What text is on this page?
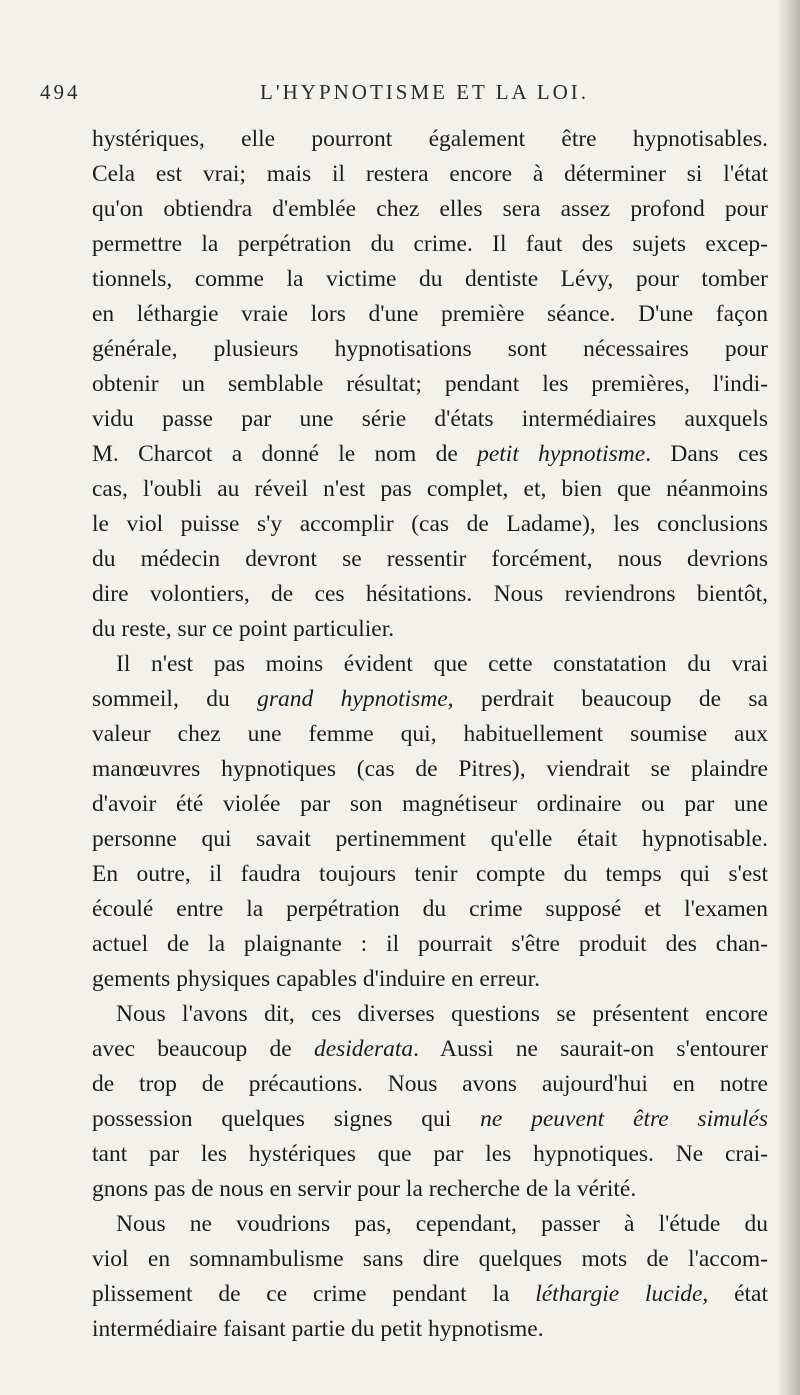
494	L'HYPNOTISME ET LA LOI.

hystériques, elle pourront également être hypnotisables.

Cela est vrai; mais il restera encore à déterminer si l'état

qu'on obtiendra d'emblée chez elles sera assez profond pour

permettre la perpétration du crime. Il faut des sujets excep-

tionnels, comme la victime du dentiste Lévy, pour tomber

en léthargie vraie lors d'une première séance. D'une façon

générale, plusieurs hypnotisations sont nécessaires pour

obtenir un semblable résultat; pendant les premières, l'indi-

vidu passe par une série d'états intermédiaires auxquels

M. Charcot a donné le nom de petit hypnotisme. Dans ces

cas, l'oubli au réveil n'est pas complet, et, bien que néanmoins

le viol puisse s'y accomplir (cas de Ladame), les conclusions

du médecin devront se ressentir forcément, nous devrions

dire volontiers, de ces hésitations. Nous reviendrons bientôt,

du reste, sur ce point particulier.

Il n'est pas moins évident que cette constatation du vrai

sommeil, du grand hypnotisme, perdrait beaucoup de sa

valeur chez une femme qui, habituellement soumise aux

manœuvres hypnotiques (cas de Pitres), viendrait se plaindre

d'avoir été violée par son magnétiseur ordinaire ou par une

personne qui savait pertinemment qu'elle était hypnotisable.

En outre, il faudra toujours tenir compte du temps qui s'est

écoulé entre la perpétration du crime supposé et l'examen

actuel de la plaignante : il pourrait s'être produit des chan-

gements physiques capables d'induire en erreur.

Nous l'avons dit, ces diverses questions se présentent encore

avec beaucoup de desiderata. Aussi ne saurait-on s'entourer

de trop de précautions. Nous avons aujourd'hui en notre

possession quelques signes qui ne peuvent être simulés

tant par les hystériques que par les hypnotiques. Ne crai-

gnons pas de nous en servir pour la recherche de la vérité.

Nous ne voudrions pas, cependant, passer à l'étude du

viol en somnambulisme sans dire quelques mots de l'accom-

plissement de ce crime pendant la léthargie lucide, état

intermédiaire faisant partie du petit hypnotisme.
